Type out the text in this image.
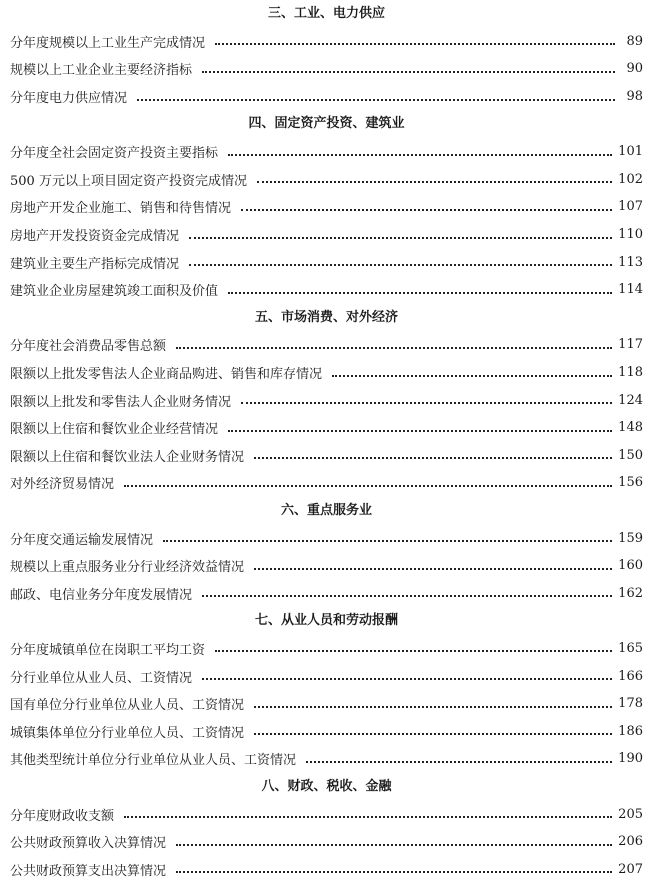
三、工业、电力供应
分年度规模以上工业生产完成情况	89
规模以上工业企业主要经济指标	90
分年度电力供应情况	98
四、固定资产投资、建筑业
分年度全社会固定资产投资主要指标	101
500 万元以上项目固定资产投资完成情况	102
房地产开发企业施工、销售和待售情况	107
房地产开发投资资金完成情况	110
建筑业主要生产指标完成情况	113
建筑业企业房屋建筑竣工面积及价值	114
五、市场消费、对外经济
分年度社会消费品零售总额	117
限额以上批发零售法人企业商品购进、销售和库存情况	118
限额以上批发和零售法人企业财务情况	124
限额以上住宿和餐饮业企业经营情况	148
限额以上住宿和餐饮业法人企业财务情况	150
对外经济贸易情况	156
六、重点服务业
分年度交通运输发展情况	159
规模以上重点服务业分行业经济效益情况	160
邮政、电信业务分年度发展情况	162
七、从业人员和劳动报酬
分年度城镇单位在岗职工平均工资	165
分行业单位从业人员、工资情况	166
国有单位分行业单位从业人员、工资情况	178
城镇集体单位分行业单位人员、工资情况	186
其他类型统计单位分行业单位从业人员、工资情况	190
八、财政、税收、金融
分年度财政收支额	205
公共财政预算收入决算情况	206
公共财政预算支出决算情况	207
